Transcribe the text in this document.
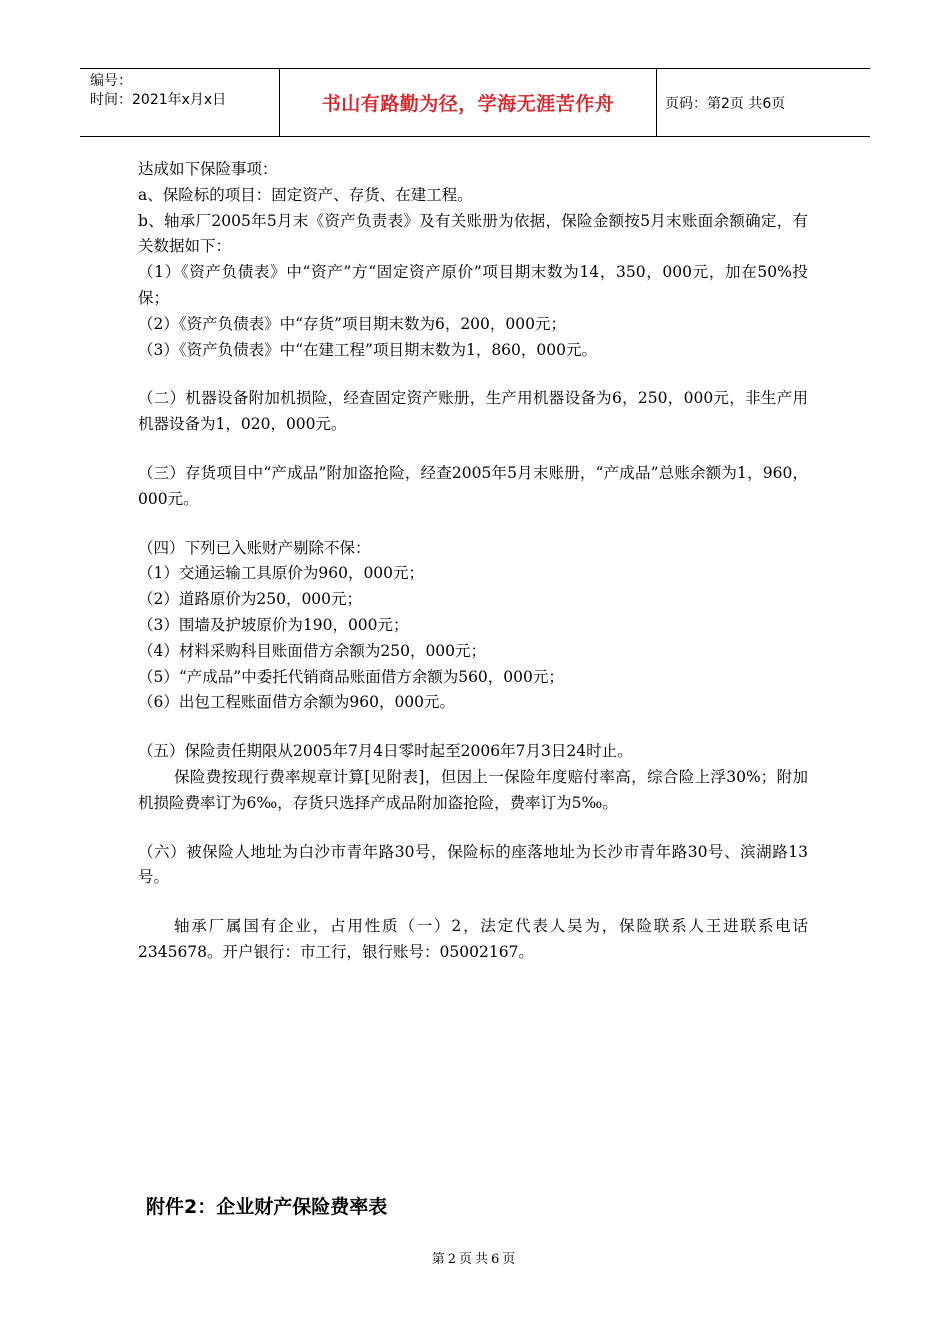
编号：
时间：2021年x月x日	书山有路勤为径，学海无涯苦作舟	页码：第2页 共6页

达成如下保险事项：

a、保险标的项目：固定资产、存货、在建工程。

b、轴承厂2005年5月末《资产负责表》及有关账册为依据，保险金额按5月末账面余额确定，有关数据如下：

（1）《资产负债表》中“资产”方“固定资产原价”项目期末数为14，350，000元，加在50%投保；

（2）《资产负债表》中“存货”项目期末数为6，200，000元；

（3）《资产负债表》中“在建工程”项目期末数为1，860，000元。

（二）机器设备附加机损险，经查固定资产账册，生产用机器设备为6，250，000元，非生产用机器设备为1，020，000元。

（三）存货项目中“产成品”附加盗抢险，经查2005年5月末账册，“产成品”总账余额为1，960，000元。

（四）下列已入账财产剔除不保：

（1）交通运输工具原价为960，000元；

（2）道路原价为250，000元；

（3）围墙及护坡原价为190，000元；

（4）材料采购科目账面借方余额为250，000元；

（5）“产成品”中委托代销商品账面借方余额为560，000元；

（6）出包工程账面借方余额为960，000元。

（五）保险责任期限从2005年7月4日零时起至2006年7月3日24时止。

保险费按现行费率规章计算[见附表]，但因上一保险年度赔付率高，综合险上浮30%；附加机损险费率订为6‰，存货只选择产成品附加盗抢险，费率订为5‰。

（六）被保险人地址为白沙市青年路30号，保险标的座落地址为长沙市青年路30号、滨湖路13号。

轴承厂属国有企业，占用性质（一）2，法定代表人吴为，保险联系人王进联系电话2345678。开户银行：市工行，银行账号：05002167。

附件2：企业财产保险费率表
第2页共6页
